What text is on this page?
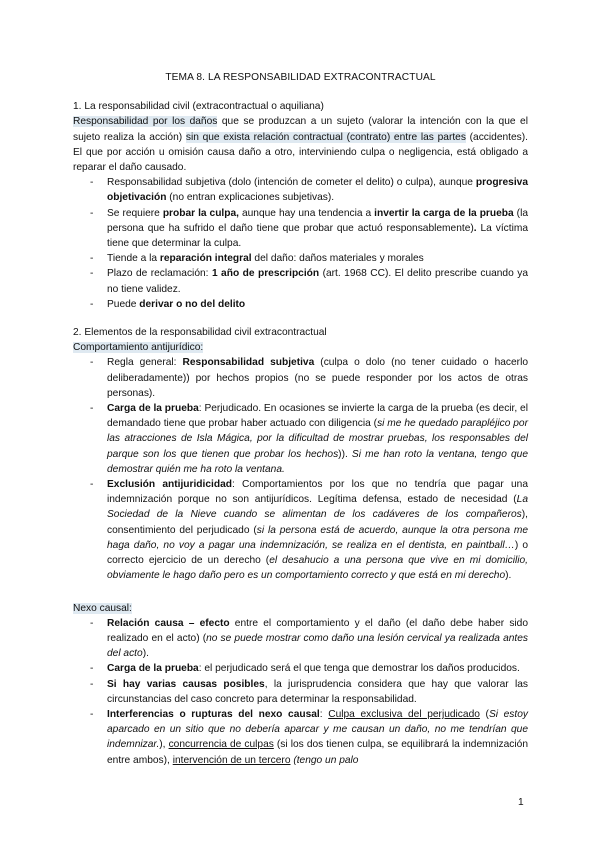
TEMA 8. LA RESPONSABILIDAD EXTRACONTRACTUAL
1. La responsabilidad civil (extracontractual o aquiliana)

Responsabilidad por los daños que se produzcan a un sujeto (valorar la intención con la que el sujeto realiza la acción) sin que exista relación contractual (contrato) entre las partes (accidentes). El que por acción u omisión causa daño a otro, interviniendo culpa o negligencia, está obligado a reparar el daño causado.

- Responsabilidad subjetiva (dolo (intención de cometer el delito) o culpa), aunque progresiva objetivación (no entran explicaciones subjetivas).
- Se requiere probar la culpa, aunque hay una tendencia a invertir la carga de la prueba (la persona que ha sufrido el daño tiene que probar que actuó responsablemente). La víctima tiene que determinar la culpa.
- Tiende a la reparación integral del daño: daños materiales y morales
- Plazo de reclamación: 1 año de prescripción (art. 1968 CC). El delito prescribe cuando ya no tiene validez.
- Puede derivar o no del delito
2. Elementos de la responsabilidad civil extracontractual
Comportamiento antijurídico:
- Regla general: Responsabilidad subjetiva (culpa o dolo (no tener cuidado o hacerlo deliberadamente)) por hechos propios (no se puede responder por los actos de otras personas).
- Carga de la prueba: Perjudicado. En ocasiones se invierte la carga de la prueba (es decir, el demandado tiene que probar haber actuado con diligencia (si me he quedado parapléjico por las atracciones de Isla Mágica, por la dificultad de mostrar pruebas, los responsables del parque son los que tienen que probar los hechos)). Si me han roto la ventana, tengo que demostrar quién me ha roto la ventana.
- Exclusión antijuridicidad: Comportamientos por los que no tendría que pagar una indemnización porque no son antijurídicos. Legítima defensa, estado de necesidad (La Sociedad de la Nieve cuando se alimentan de los cadáveres de los compañeros), consentimiento del perjudicado (si la persona está de acuerdo, aunque la otra persona me haga daño, no voy a pagar una indemnización, se realiza en el dentista, en paintball…) o correcto ejercicio de un derecho (el desahucio a una persona que vive en mi domicilio, obviamente le hago daño pero es un comportamiento correcto y que está en mi derecho).
Nexo causal:
- Relación causa – efecto entre el comportamiento y el daño (el daño debe haber sido realizado en el acto) (no se puede mostrar como daño una lesión cervical ya realizada antes del acto).
- Carga de la prueba: el perjudicado será el que tenga que demostrar los daños producidos.
- Si hay varias causas posibles, la jurisprudencia considera que hay que valorar las circunstancias del caso concreto para determinar la responsabilidad.
- Interferencias o rupturas del nexo causal: Culpa exclusiva del perjudicado (Si estoy aparcado en un sitio que no debería aparcar y me causan un daño, no me tendrían que indemnizar.), concurrencia de culpas (si los dos tienen culpa, se equilibrará la indemnización entre ambos), intervención de un tercero (tengo un palo
1
